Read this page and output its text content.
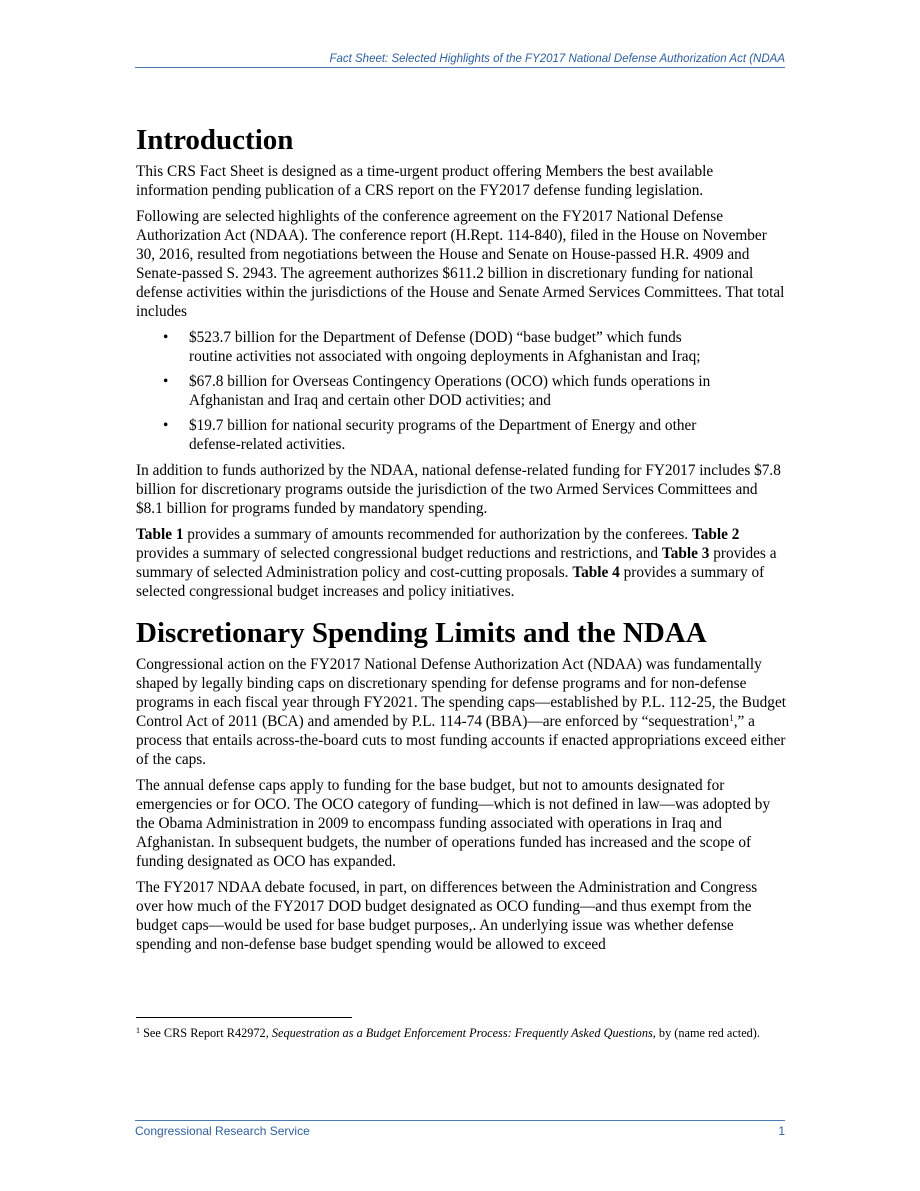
Fact Sheet: Selected Highlights of the FY2017 National Defense Authorization Act (NDAA
Introduction

This CRS Fact Sheet is designed as a time-urgent product offering Members the best available information pending publication of a CRS report on the FY2017 defense funding legislation.

Following are selected highlights of the conference agreement on the FY2017 National Defense Authorization Act (NDAA). The conference report (H.Rept. 114-840), filed in the House on November 30, 2016, resulted from negotiations between the House and Senate on House-passed H.R. 4909 and Senate-passed S. 2943. The agreement authorizes $611.2 billion in discretionary funding for national defense activities within the jurisdictions of the House and Senate Armed Services Committees. That total includes

• $523.7 billion for the Department of Defense (DOD) “base budget” which funds routine activities not associated with ongoing deployments in Afghanistan and Iraq;
• $67.8 billion for Overseas Contingency Operations (OCO) which funds operations in Afghanistan and Iraq and certain other DOD activities; and
• $19.7 billion for national security programs of the Department of Energy and other defense-related activities.

In addition to funds authorized by the NDAA, national defense-related funding for FY2017 includes $7.8 billion for discretionary programs outside the jurisdiction of the two Armed Services Committees and $8.1 billion for programs funded by mandatory spending.

Table 1 provides a summary of amounts recommended for authorization by the conferees. Table 2 provides a summary of selected congressional budget reductions and restrictions, and Table 3 provides a summary of selected Administration policy and cost-cutting proposals. Table 4 provides a summary of selected congressional budget increases and policy initiatives.

Discretionary Spending Limits and the NDAA

Congressional action on the FY2017 National Defense Authorization Act (NDAA) was fundamentally shaped by legally binding caps on discretionary spending for defense programs and for non-defense programs in each fiscal year through FY2021. The spending caps—established by P.L. 112-25, the Budget Control Act of 2011 (BCA) and amended by P.L. 114-74 (BBA)—are enforced by “sequestration$^1$,” a process that entails across-the-board cuts to most funding accounts if enacted appropriations exceed either of the caps.

The annual defense caps apply to funding for the base budget, but not to amounts designated for emergencies or for OCO. The OCO category of funding—which is not defined in law—was adopted by the Obama Administration in 2009 to encompass funding associated with operations in Iraq and Afghanistan. In subsequent budgets, the number of operations funded has increased and the scope of funding designated as OCO has expanded.

The FY2017 NDAA debate focused, in part, on differences between the Administration and Congress over how much of the FY2017 DOD budget designated as OCO funding—and thus exempt from the budget caps—would be used for base budget purposes,. An underlying issue was whether defense spending and non-defense base budget spending would be allowed to exceed

$^1$ See CRS Report R42972, Sequestration as a Budget Enforcement Process: Frequently Asked Questions, by (name red acted).
Congressional Research Service	1
